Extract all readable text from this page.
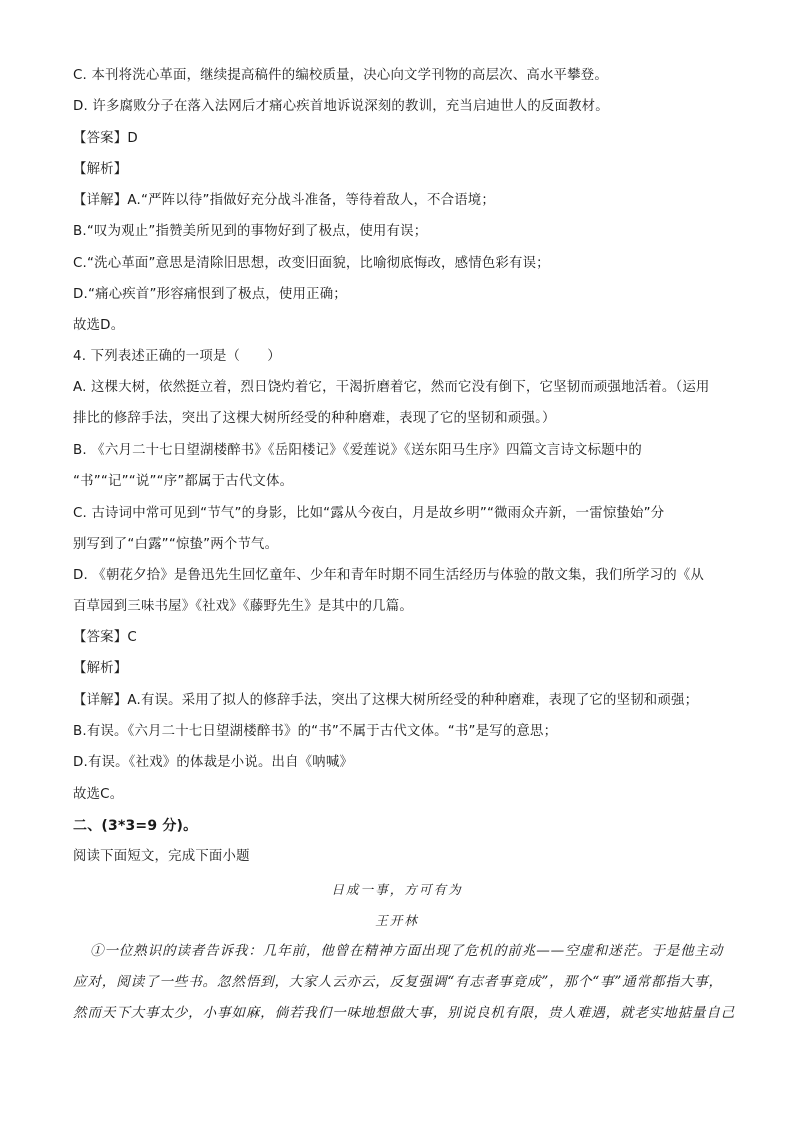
C. 本刊将洗心革面，继续提高稿件的编校质量，决心向文学刊物的高层次、高水平攀登。
D. 许多腐败分子在落入法网后才痛心疾首地诉说深刻的教训，充当启迪世人的反面教材。
【答案】D
【解析】
【详解】A.“严阵以待”指做好充分战斗准备，等待着敌人，不合语境；
B.“叹为观止”指赞美所见到的事物好到了极点，使用有误；
C.“洗心革面”意思是清除旧思想，改变旧面貌，比喻彻底悔改，感情色彩有误；
D.“痛心疾首”形容痛恨到了极点，使用正确；
故选D。
4. 下列表述正确的一项是（　　）
A. 这棵大树，依然挺立着，烈日饶灼着它，干渴折磨着它，然而它没有倒下，它坚韧而顽强地活着。（运用
排比的修辞手法，突出了这棵大树所经受的种种磨难，表现了它的坚韧和顽强。）
B. 《六月二十七日望湖楼醉书》《岳阳楼记》《爱莲说》《送东阳马生序》四篇文言诗文标题中的
“书”“记”“说”“序”都属于古代文体。
C. 古诗词中常可见到“节气”的身影，比如“露从今夜白，月是故乡明”“微雨众卉新，一雷惊蛰始”分
别写到了“白露”“惊蛰”两个节气。
D. 《朝花夕拾》是鲁迅先生回忆童年、少年和青年时期不同生活经历与体验的散文集，我们所学习的《从
百草园到三味书屋》《社戏》《藤野先生》是其中的几篇。
【答案】C
【解析】
【详解】A.有误。采用了拟人的修辞手法，突出了这棵大树所经受的种种磨难，表现了它的坚韧和顽强；
B.有误。《六月二十七日望湖楼醉书》的“书”不属于古代文体。“书”是写的意思；
D.有误。《社戏》的体裁是小说。出自《呐喊》
故选C。
二、(3*3=9 分)。
阅读下面短文，完成下面小题
日成一事，方可有为
王开林
①一位熟识的读者告诉我：几年前，他曾在精神方面出现了危机的前兆——空虚和迷茫。于是他主动
应对，阅读了一些书。忽然悟到，大家人云亦云，反复强调“有志者事竟成”，那个“事”通常都指大事，
然而天下大事太少，小事如麻，倘若我们一味地想做大事，别说良机有限，贵人难遇，就老实地掂量自己
